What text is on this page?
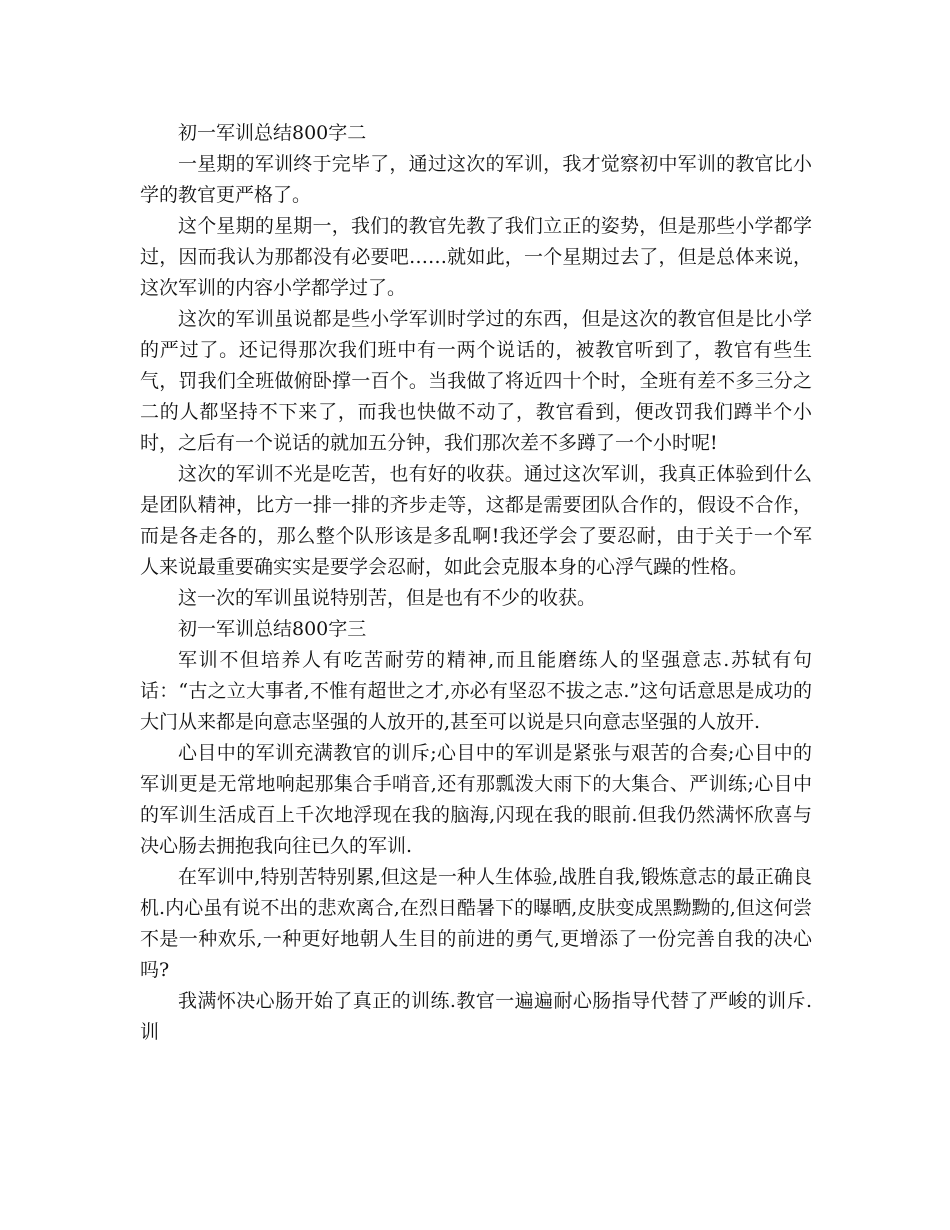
初一军训总结800字二

一星期的军训终于完毕了，通过这次的军训，我才觉察初中军训的教官比小学的教官更严格了。

这个星期的星期一，我们的教官先教了我们立正的姿势，但是那些小学都学过，因而我认为那都没有必要吧……就如此，一个星期过去了，但是总体来说，这次军训的内容小学都学过了。

这次的军训虽说都是些小学军训时学过的东西，但是这次的教官但是比小学的严过了。还记得那次我们班中有一两个说话的，被教官听到了，教官有些生气，罚我们全班做俯卧撑一百个。当我做了将近四十个时，全班有差不多三分之二的人都坚持不下来了，而我也快做不动了，教官看到，便改罚我们蹲半个小时，之后有一个说话的就加五分钟，我们那次差不多蹲了一个小时呢!

这次的军训不光是吃苦，也有好的收获。通过这次军训，我真正体验到什么是团队精神，比方一排一排的齐步走等，这都是需要团队合作的，假设不合作，而是各走各的，那么整个队形该是多乱啊!我还学会了要忍耐，由于关于一个军人来说最重要确实实是要学会忍耐，如此会克服本身的心浮气躁的性格。

这一次的军训虽说特别苦，但是也有不少的收获。

初一军训总结800字三

军训不但培养人有吃苦耐劳的精神,而且能磨练人的坚强意志.苏轼有句话：“古之立大事者,不惟有超世之才,亦必有坚忍不拔之志.”这句话意思是成功的大门从来都是向意志坚强的人放开的,甚至可以说是只向意志坚强的人放开.

心目中的军训充满教官的训斥;心目中的军训是紧张与艰苦的合奏;心目中的军训更是无常地响起那集合手哨音,还有那瓢泼大雨下的大集合、严训练;心目中的军训生活成百上千次地浮现在我的脑海,闪现在我的眼前.但我仍然满怀欣喜与决心肠去拥抱我向往已久的军训.

在军训中,特别苦特别累,但这是一种人生体验,战胜自我,锻炼意志的最正确良机.内心虽有说不出的悲欢离合,在烈日酷暑下的曝晒,皮肤变成黑黝黝的,但这何尝不是一种欢乐,一种更好地朝人生目的前进的勇气,更增添了一份完善自我的决心吗?

我满怀决心肠开始了真正的训练.教官一遍遍耐心肠指导代替了严峻的训斥.训
